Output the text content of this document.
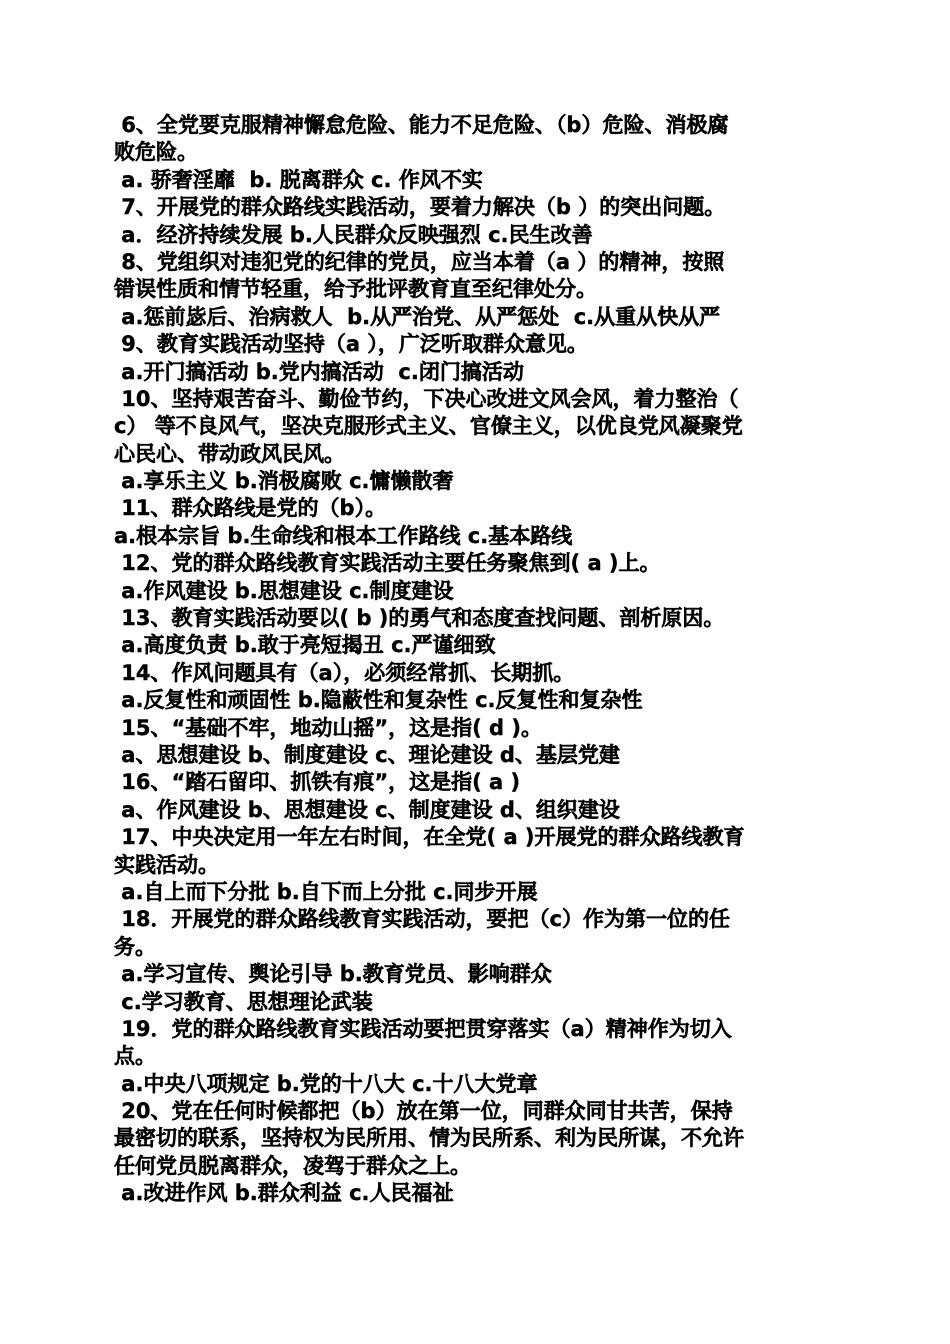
6、全党要克服精神懈怠危险、能力不足危险、（b）危险、消极腐
败危险。
a. 骄奢淫靡  b. 脱离群众 c. 作风不实
7、开展党的群众路线实践活动，要着力解决（b ）的突出问题。
a．经济持续发展 b.人民群众反映强烈 c.民生改善
8、党组织对违犯党的纪律的党员，应当本着（a ）的精神，按照
错误性质和情节轻重，给予批评教育直至纪律处分。
a.惩前毖后、治病救人  b.从严治党、从严惩处  c.从重从快从严
9、教育实践活动坚持（a ），广泛听取群众意见。
a.开门搞活动 b.党内搞活动  c.闭门搞活动
10、坚持艰苦奋斗、勤俭节约，下决心改进文风会风，着力整治（
c） 等不良风气，坚决克服形式主义、官僚主义，以优良党风凝聚党
心民心、带动政风民风。
a.享乐主义 b.消极腐败 c.慵懒散奢
11、群众路线是党的（b）。
a.根本宗旨 b.生命线和根本工作路线 c.基本路线
12、党的群众路线教育实践活动主要任务聚焦到( a )上。
a.作风建设 b.思想建设 c.制度建设
13、教育实践活动要以( b )的勇气和态度查找问题、剖析原因。
a.高度负责 b.敢于亮短揭丑 c.严谨细致
14、作风问题具有（a），必须经常抓、长期抓。
a.反复性和顽固性 b.隐蔽性和复杂性 c.反复性和复杂性
15、“基础不牢，地动山摇”，这是指( d )。
a、思想建设 b、制度建设 c、理论建设 d、基层党建
16、“踏石留印、抓铁有痕”，这是指( a )
a、作风建设 b、思想建设 c、制度建设 d、组织建设
17、中央决定用一年左右时间，在全党( a )开展党的群众路线教育
实践活动。
a.自上而下分批 b.自下而上分批 c.同步开展
18．开展党的群众路线教育实践活动，要把（c）作为第一位的任
务。
a.学习宣传、舆论引导 b.教育党员、影响群众
c.学习教育、思想理论武装
19．党的群众路线教育实践活动要把贯穿落实（a）精神作为切入
点。
a.中央八项规定 b.党的十八大 c.十八大党章
20、党在任何时候都把（b）放在第一位，同群众同甘共苦，保持
最密切的联系，坚持权为民所用、情为民所系、利为民所谋，不允许
任何党员脱离群众，凌驾于群众之上。
a.改进作风 b.群众利益 c.人民福祉
